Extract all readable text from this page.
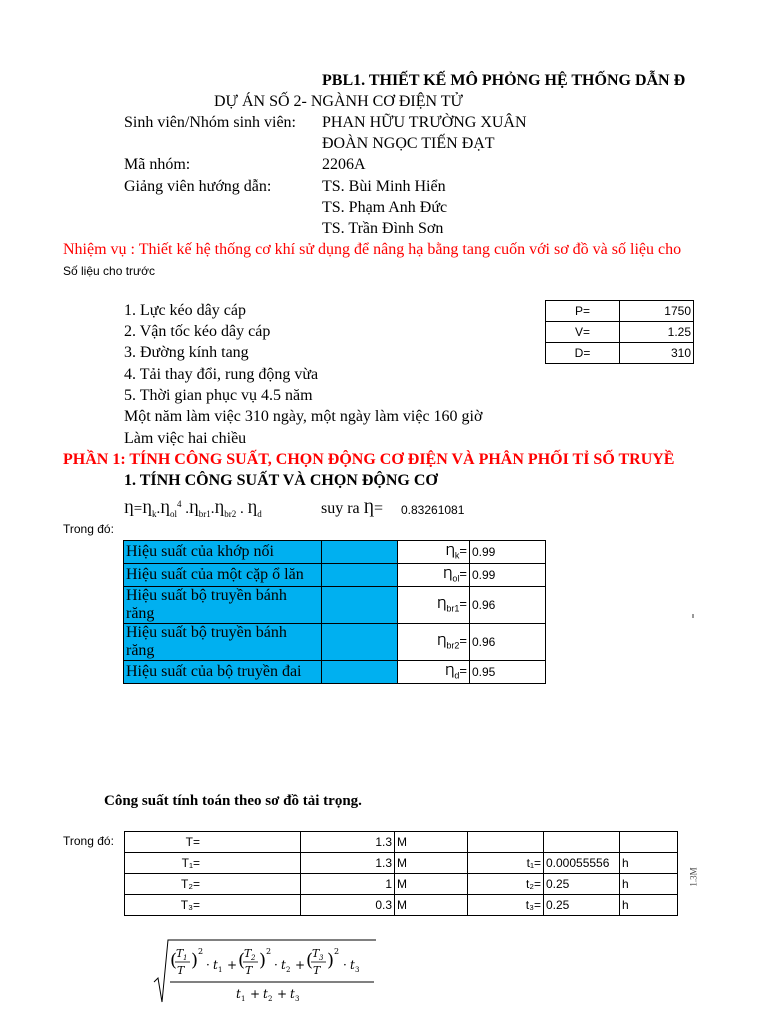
PBL1. THIẾT KẾ MÔ PHỎNG HỆ THỐNG DẪN Đ
DỰ ÁN SỐ 2- NGÀNH CƠ ĐIỆN TỬ
Sinh viên/Nhóm sinh viên: PHAN HỮU TRƯỜNG XUÂN
ĐOÀN NGỌC TIẾN ĐẠT
Mã nhóm:	2206A
Giảng viên hướng dẫn:	TS. Bùi Minh Hiển
TS. Phạm Anh Đức
TS. Trần Đình Sơn
Nhiệm vụ : Thiết kế hệ thống cơ khí sử dụng để nâng hạ bằng tang cuốn với sơ đồ và số liệu cho
Số liệu cho trước
1. Lực kéo dây cáp
2. Vận tốc kéo dây cáp
3. Đường kính tang
4. Tải thay đổi, rung động vừa
5. Thời gian phục vụ 4.5 năm
Một năm làm việc 310 ngày, một ngày làm việc 160 giờ
Làm việc hai chiều
P=	1750
V=	1.25
D=	310
PHẦN 1: TÍNH CÔNG SUẤT, CHỌN ĐỘNG CƠ ĐIỆN VÀ PHÂN PHỐI TỈ SỐ TRUYỀ
1. TÍNH CÔNG SUẤT VÀ CHỌN ĐỘNG CƠ
$Ƞ=Ƞ_k.Ƞ_{ol}^4$ $.Ƞ_{br1}.Ƞ_{br2}$ . $Ƞ_d$	suy ra Ƞ= 0.83261081
Trong đó:
Hiệu suất của khớp nối		$Ƞ_k=$	0.99
Hiệu suất của một cặp ổ lăn		$Ƞ_{ol}=$	0.99
Hiệu suất bộ truyền bánh răng		$Ƞ_{br1}=$	0.96
Hiệu suất bộ truyền bánh răng		$Ƞ_{br2}=$	0.96
Hiệu suất của bộ truyền đai		$Ƞ_d=$	0.95
Công suất tính toán theo sơ đồ tải trọng.
Trong đó:	T=	1.3	M			
T₁=	1.3	M	t₁=	0.00055556	h
T₂=	1	M	t₂=	0.25	h
T₃=	0.3	M	t₃=	0.25	h
1.3M
(
T 1
T ) 2
· t 1 + (
T 2
T ) 2
· t 2 + (
T 3
T ) 2
· t 3
t 1 + t 2 + t 3
